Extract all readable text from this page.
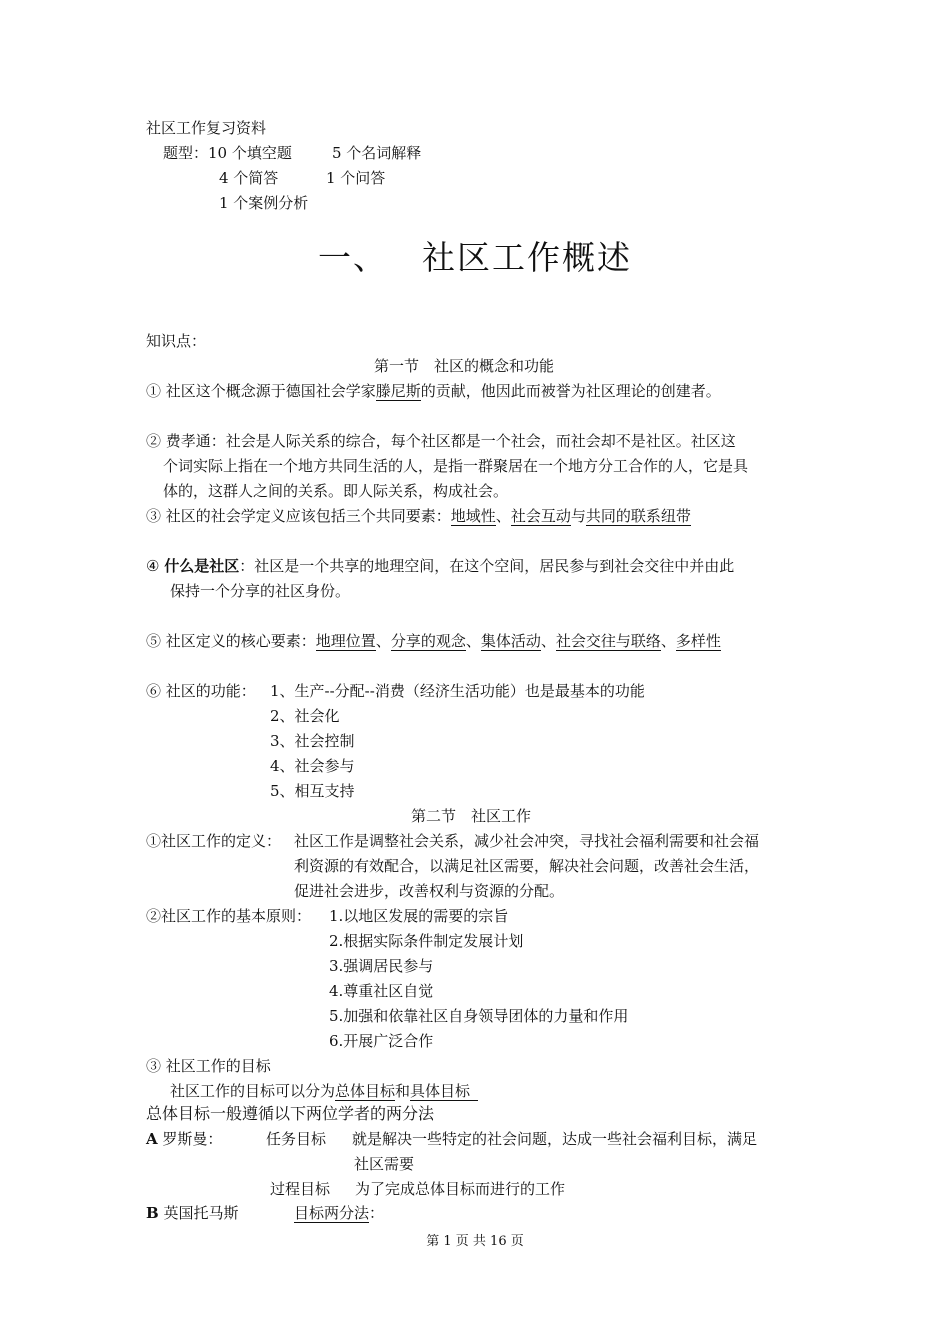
社区工作复习资料
题型：10 个填空题	5 个名词解释
4 个简答	1 个问答
1 个案例分析
一、 社区工作概述
知识点：
第一节　社区的概念和功能
① 社区这个概念源于德国社会学家滕尼斯的贡献，他因此而被誉为社区理论的创建者。
② 费孝通：社会是人际关系的综合，每个社区都是一个社会，而社会却不是社区。社区这
个词实际上指在一个地方共同生活的人，是指一群聚居在一个地方分工合作的人，它是具
体的，这群人之间的关系。即人际关系，构成社会。
③ 社区的社会学定义应该包括三个共同要素：地域性、社会互动与共同的联系纽带
④ 什么是社区：社区是一个共享的地理空间，在这个空间，居民参与到社会交往中并由此
保持一个分享的社区身份。
⑤ 社区定义的核心要素：地理位置、分享的观念、集体活动、社会交往与联络、多样性
⑥ 社区的功能： 1、生产--分配--消费（经济生活功能）也是最基本的功能
2、社会化
3、社会控制
4、社会参与
5、相互支持
第二节　社区工作
①社区工作的定义： 社区工作是调整社会关系，减少社会冲突，寻找社会福利需要和社会福
利资源的有效配合，以满足社区需要，解决社会问题，改善社会生活，
促进社会进步，改善权利与资源的分配。
②社区工作的基本原则： 1.以地区发展的需要的宗旨
2.根据实际条件制定发展计划
3.强调居民参与
4.尊重社区自觉
5.加强和依靠社区自身领导团体的力量和作用
6.开展广泛合作
③ 社区工作的目标
社区工作的目标可以分为总体目标和具体目标
总体目标一般遵循以下两位学者的两分法
A 罗斯曼：	任务目标 就是解决一些特定的社会问题，达成一些社会福利目标，满足
社区需要
过程目标 为了完成总体目标而进行的工作
B 英国托马斯	目标两分法：
第 1 页 共 16 页
